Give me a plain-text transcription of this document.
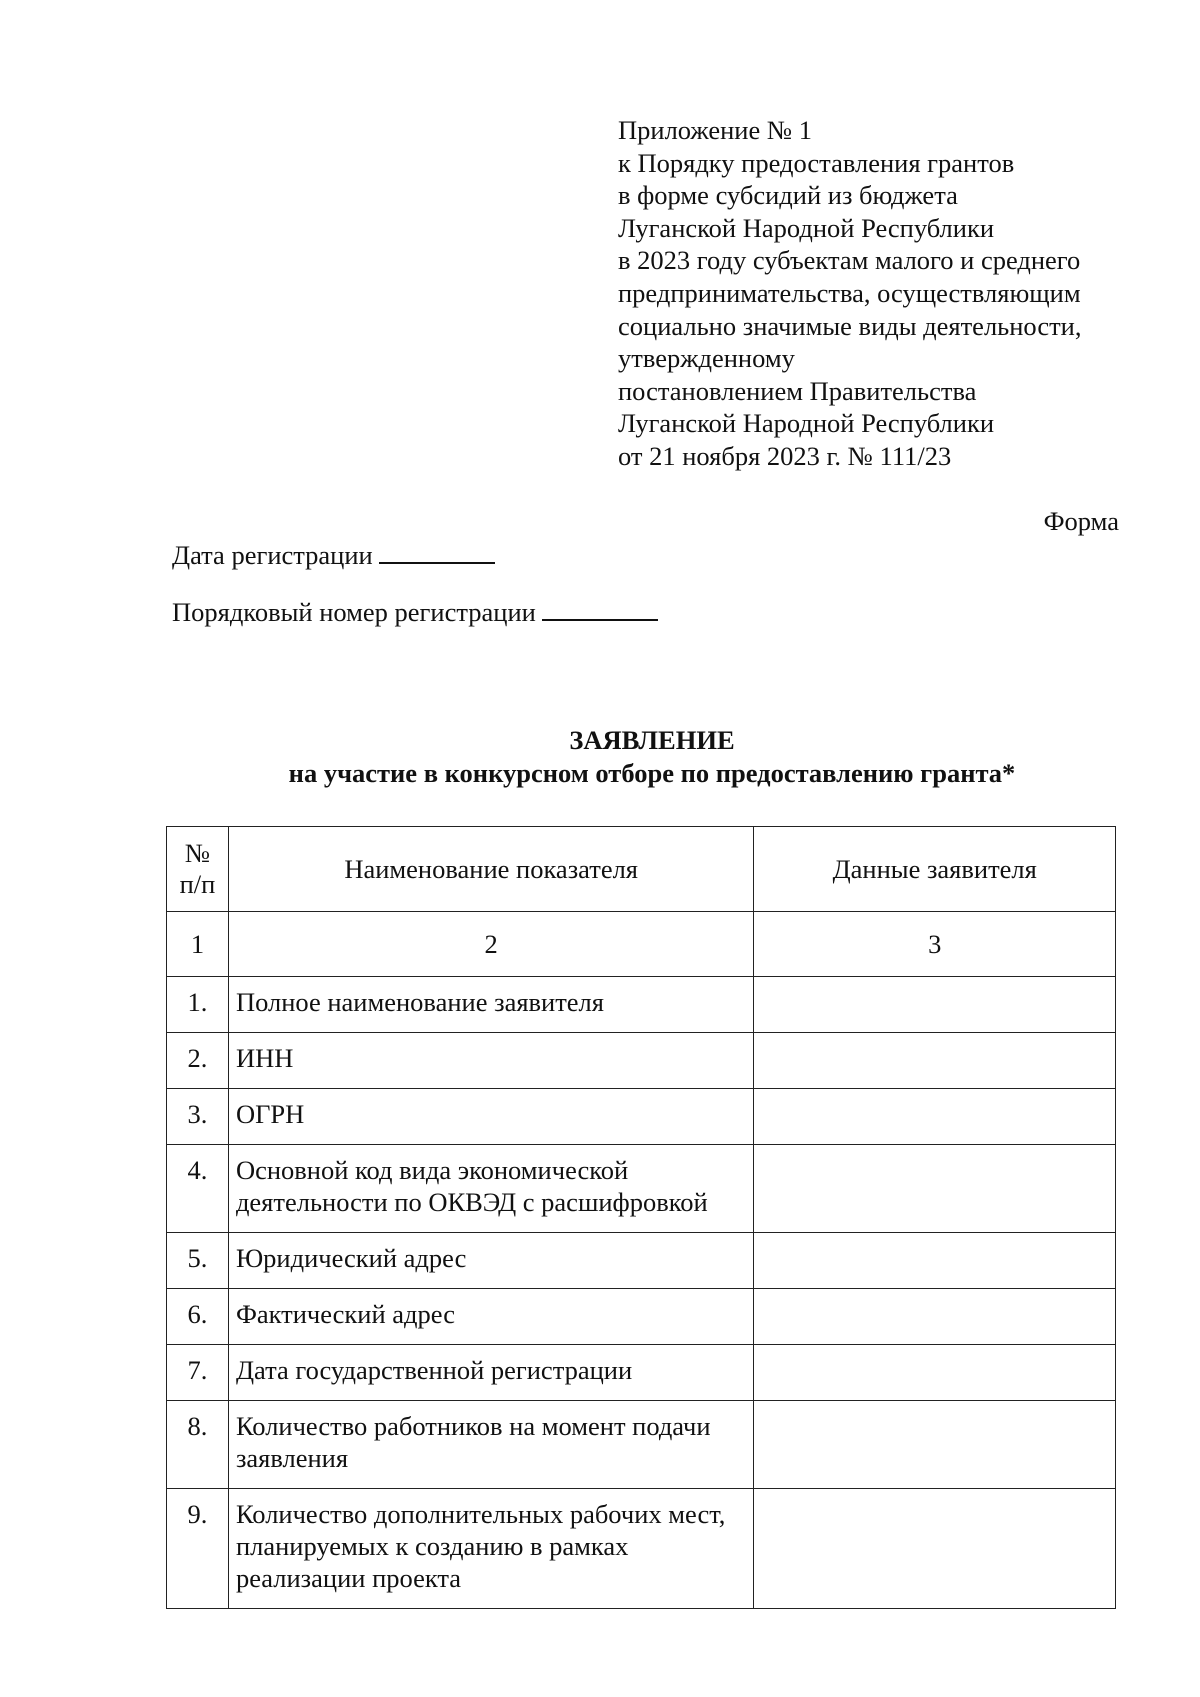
Приложение № 1
к Порядку предоставления грантов
в форме субсидий из бюджета
Луганской Народной Республики
в 2023 году субъектам малого и среднего
предпринимательства, осуществляющим
социально значимые виды деятельности,
утвержденному
постановлением Правительства
Луганской Народной Республики
от 21 ноября 2023 г. № 111/23
Форма
Дата регистрации
Порядковый номер регистрации
ЗАЯВЛЕНИЕ
на участие в конкурсном отборе по предоставлению гранта*
№
п/п	Наименование показателя	Данные заявителя
1	2	3
1.	Полное наименование заявителя	
2.	ИНН	
3.	ОГРН	
4.	Основной код вида экономической деятельности по ОКВЭД с расшифровкой	
5.	Юридический адрес	
6.	Фактический адрес	
7.	Дата государственной регистрации	
8.	Количество работников на момент подачи заявления	
9.	Количество дополнительных рабочих мест, планируемых к созданию в рамках реализации проекта	
